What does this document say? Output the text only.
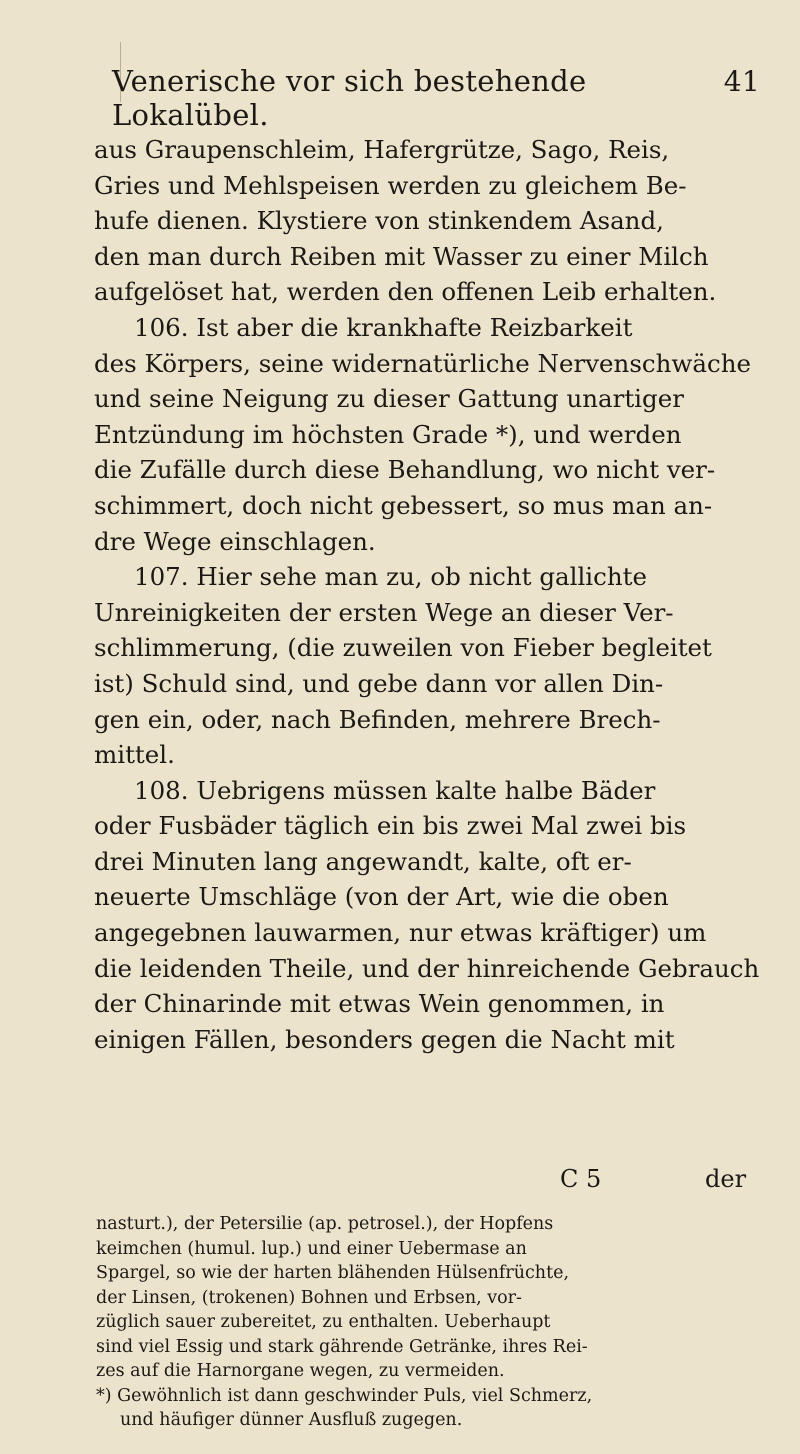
Venerische vor sich bestehende Lokalübel.
41
aus Graupenschleim, Hafergrütze, Sago, Reis,
Gries und Mehlspeisen werden zu gleichem Be-
hufe dienen. Klystiere von stinkendem Asand,
den man durch Reiben mit Wasser zu einer Milch
aufgelöset hat, werden den offenen Leib erhalten.
106. Ist aber die krankhafte Reizbarkeit
des Körpers, seine widernatürliche Nervenschwäche
und seine Neigung zu dieser Gattung unartiger
Entzündung im höchsten Grade *), und werden
die Zufälle durch diese Behandlung, wo nicht ver-
schimmert, doch nicht gebessert, so mus man an-
dre Wege einschlagen.
107. Hier sehe man zu, ob nicht gallichte
Unreinigkeiten der ersten Wege an dieser Ver-
schlimmerung, (die zuweilen von Fieber begleitet
ist) Schuld sind, und gebe dann vor allen Din-
gen ein, oder, nach Befinden, mehrere Brech-
mittel.
108. Uebrigens müssen kalte halbe Bäder
oder Fusbäder täglich ein bis zwei Mal zwei bis
drei Minuten lang angewandt, kalte, oft er-
neuerte Umschläge (von der Art, wie die oben
angegebnen lauwarmen, nur etwas kräftiger) um
die leidenden Theile, und der hinreichende Gebrauch
der Chinarinde mit etwas Wein genommen, in
einigen Fällen, besonders gegen die Nacht mit
C 5	der
nasturt.), der Petersilie (ap. petrosel.), der Hopfens
keimchen (humul. lup.) und einer Uebermase an
Spargel, so wie der harten blähenden Hülsenfrüchte,
der Linsen, (trokenen) Bohnen und Erbsen, vor-
züglich sauer zubereitet, zu enthalten. Ueberhaupt
sind viel Essig und stark gährende Getränke, ihres Rei-
zes auf die Harnorgane wegen, zu vermeiden.
*) Gewöhnlich ist dann geschwinder Puls, viel Schmerz,
und häufiger dünner Ausfluß zugegen.
